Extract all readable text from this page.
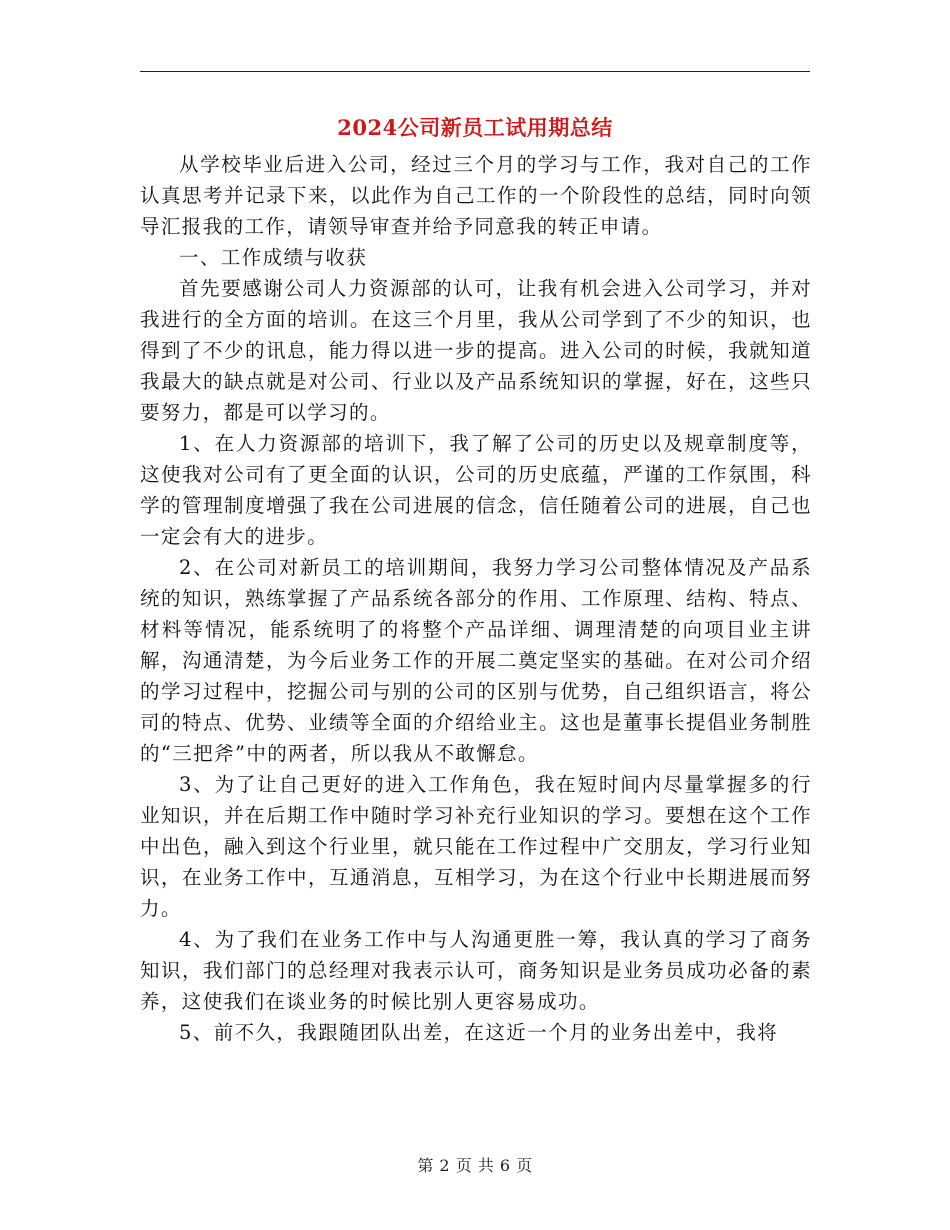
2024公司新员工试用期总结

从学校毕业后进入公司，经过三个月的学习与工作，我对自己的工作认真思考并记录下来，以此作为自己工作的一个阶段性的总结，同时向领导汇报我的工作，请领导审查并给予同意我的转正申请。

一、工作成绩与收获

首先要感谢公司人力资源部的认可，让我有机会进入公司学习，并对我进行的全方面的培训。在这三个月里，我从公司学到了不少的知识，也得到了不少的讯息，能力得以进一步的提高。进入公司的时候，我就知道我最大的缺点就是对公司、行业以及产品系统知识的掌握，好在，这些只要努力，都是可以学习的。

1、在人力资源部的培训下，我了解了公司的历史以及规章制度等，这使我对公司有了更全面的认识，公司的历史底蕴，严谨的工作氛围，科学的管理制度增强了我在公司进展的信念，信任随着公司的进展，自己也一定会有大的进步。

2、在公司对新员工的培训期间，我努力学习公司整体情况及产品系统的知识，熟练掌握了产品系统各部分的作用、工作原理、结构、特点、材料等情况，能系统明了的将整个产品详细、调理清楚的向项目业主讲解，沟通清楚，为今后业务工作的开展二奠定坚实的基础。在对公司介绍的学习过程中，挖掘公司与别的公司的区别与优势，自己组织语言，将公司的特点、优势、业绩等全面的介绍给业主。这也是董事长提倡业务制胜的“三把斧”中的两者，所以我从不敢懈怠。

3、为了让自己更好的进入工作角色，我在短时间内尽量掌握多的行业知识，并在后期工作中随时学习补充行业知识的学习。要想在这个工作中出色，融入到这个行业里，就只能在工作过程中广交朋友，学习行业知识，在业务工作中，互通消息，互相学习，为在这个行业中长期进展而努力。

4、为了我们在业务工作中与人沟通更胜一筹，我认真的学习了商务知识，我们部门的总经理对我表示认可，商务知识是业务员成功必备的素养，这使我们在谈业务的时候比别人更容易成功。

5、前不久，我跟随团队出差，在这近一个月的业务出差中，我将

第 2 页 共 6 页
